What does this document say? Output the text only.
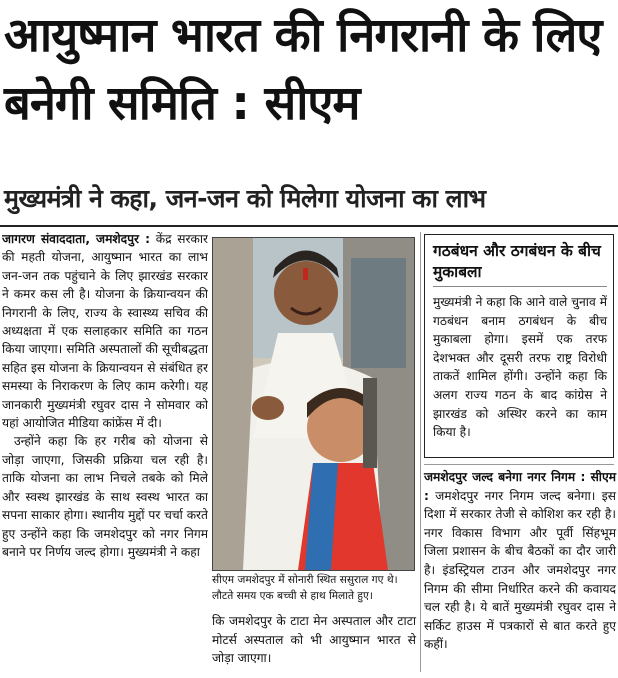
आयुष्मान भारत की निगरानी के लिए बनेगी समिति : सीएम
मुख्यमंत्री ने कहा, जन-जन को मिलेगा योजना का लाभ

जागरण संवाददाता, जमशेदपुर : केंद्र सरकार की महती योजना, आयुष्मान भारत का लाभ जन-जन तक पहुंचाने के लिए झारखंड सरकार ने कमर कस ली है। योजना के क्रियान्वयन की निगरानी के लिए, राज्य के स्वास्थ्य सचिव की अध्यक्षता में एक सलाहकार समिति का गठन किया जाएगा। समिति अस्पतालों की सूचीबद्धता सहित इस योजना के क्रियान्वयन से संबंधित हर समस्या के निराकरण के लिए काम करेगी। यह जानकारी मुख्यमंत्री रघुवर दास ने सोमवार को यहां आयोजित मीडिया कांफ्रेंस में दी।

उन्होंने कहा कि हर गरीब को योजना से जोड़ा जाएगा, जिसकी प्रक्रिया चल रही है। ताकि योजना का लाभ निचले तबके को मिले और स्वस्थ झारखंड के साथ स्वस्थ भारत का सपना साकार होगा। स्थानीय मुद्दों पर चर्चा करते हुए उन्होंने कहा कि जमशेदपुर को नगर निगम बनाने पर निर्णय जल्द होगा। मुख्यमंत्री ने कहा

सीएम जमशेदपुर में सोनारी स्थित ससुराल गए थे। लौटते समय एक बच्ची से हाथ मिलाते हुए।
कि जमशेदपुर के टाटा मेन अस्पताल और टाटा मोटर्स अस्पताल को भी आयुष्मान भारत से जोड़ा जाएगा।
गठबंधन और ठगबंधन के बीच मुकाबला
मुख्यमंत्री ने कहा कि आने वाले चुनाव में गठबंधन बनाम ठगबंधन के बीच मुकाबला होगा। इसमें एक तरफ देशभक्त और दूसरी तरफ राष्ट्र विरोधी ताकतें शामिल होंगी। उन्होंने कहा कि अलग राज्य गठन के बाद कांग्रेस ने झारखंड को अस्थिर करने का काम किया है।
जमशेदपुर जल्द बनेगा नगर निगम : सीएम : जमशेदपुर नगर निगम जल्द बनेगा। इस दिशा में सरकार तेजी से कोशिश कर रही है। नगर विकास विभाग और पूर्वी सिंहभूम जिला प्रशासन के बीच बैठकों का दौर जारी है। इंडस्ट्रियल टाउन और जमशेदपुर नगर निगम की सीमा निर्धारित करने की कवायद चल रही है। ये बातें मुख्यमंत्री रघुवर दास ने सर्किट हाउस में पत्रकारों से बात करते हुए कहीं।
